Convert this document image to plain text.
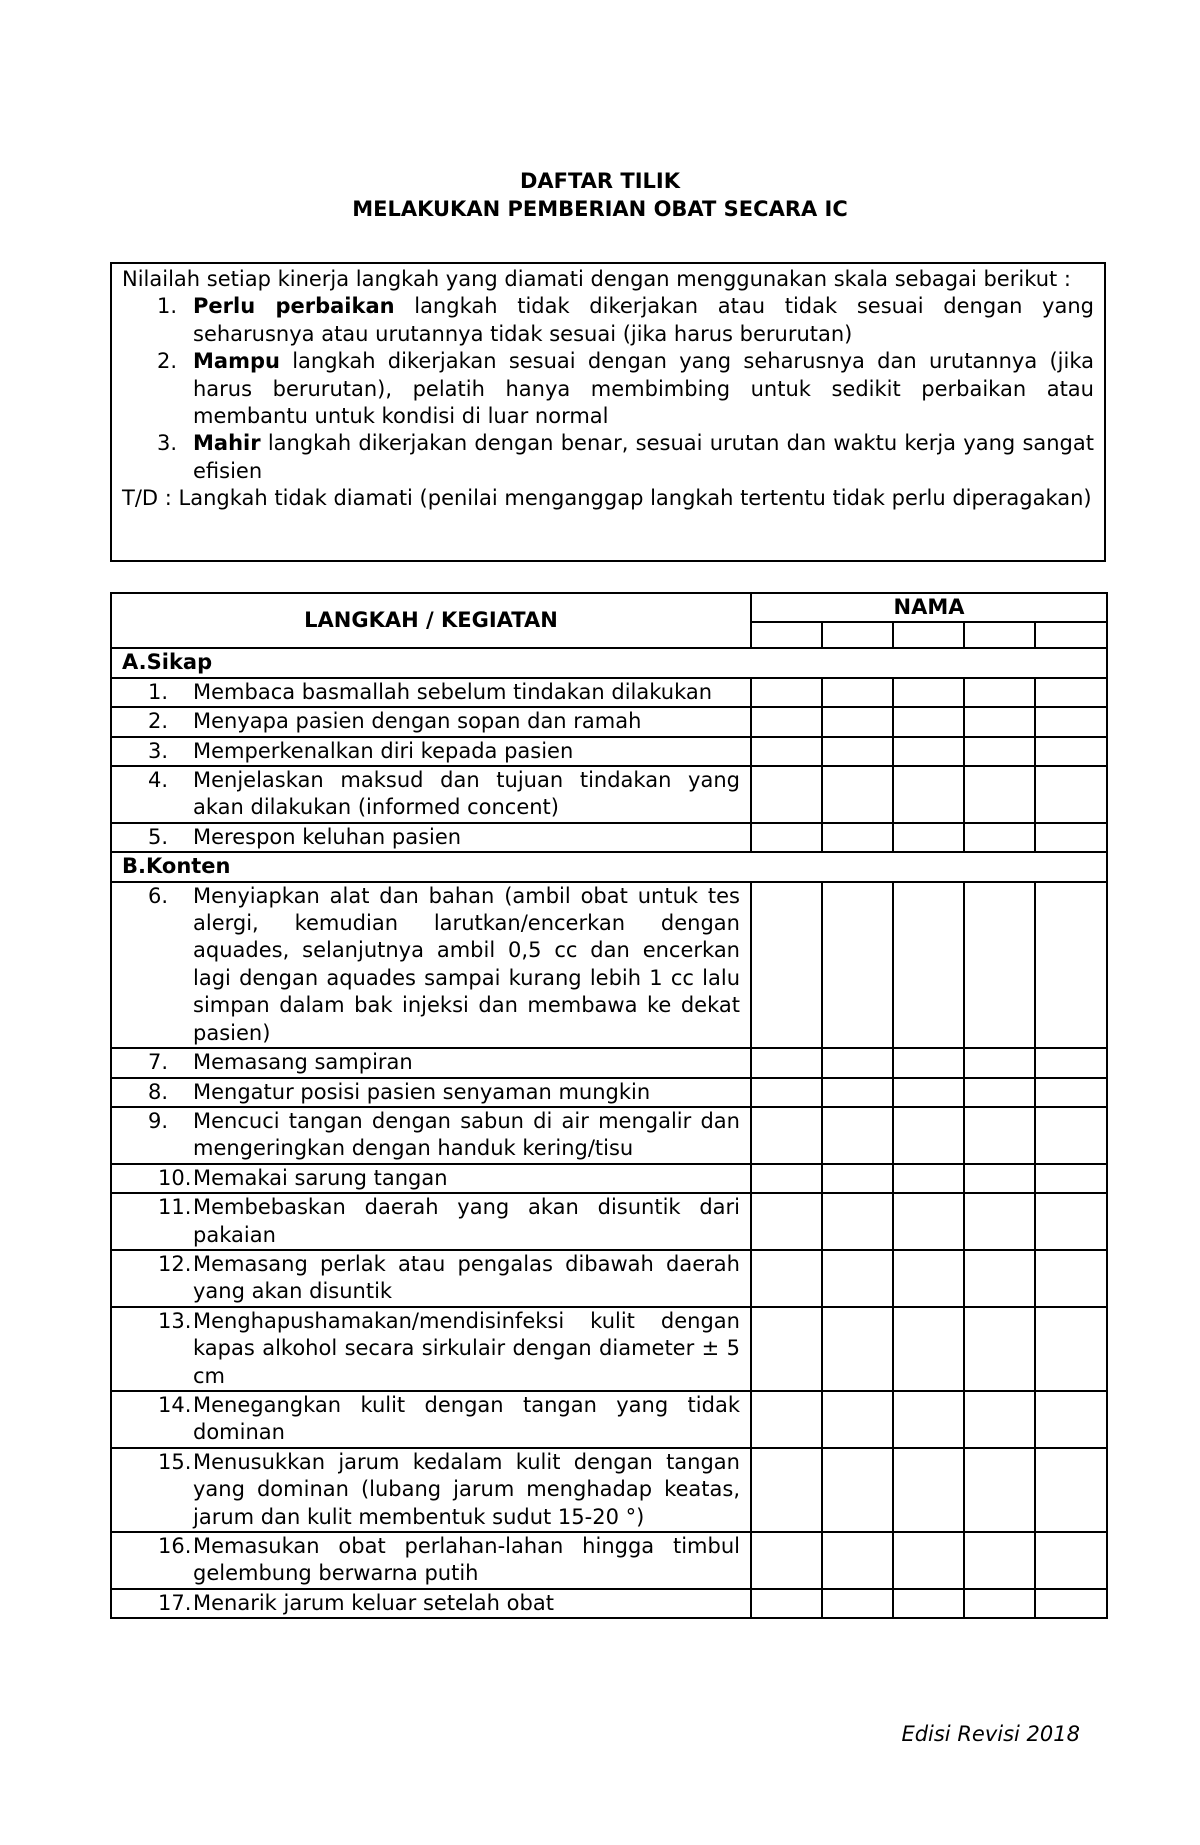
DAFTAR TILIK
MELAKUKAN PEMBERIAN OBAT SECARA IC

Nilailah setiap kinerja langkah yang diamati dengan menggunakan skala sebagai berikut :

1. Perlu perbaikan langkah tidak dikerjakan atau tidak sesuai dengan yang seharusnya atau urutannya tidak sesuai (jika harus berurutan)
2. Mampu langkah dikerjakan sesuai dengan yang seharusnya dan urutannya (jika harus berurutan), pelatih hanya membimbing untuk sedikit perbaikan atau membantu untuk kondisi di luar normal
3. Mahir langkah dikerjakan dengan benar, sesuai urutan dan waktu kerja yang sangat efisien

T/D : Langkah tidak diamati (penilai menganggap langkah tertentu tidak perlu diperagakan)

LANGKAH / KEGIATAN	NAMA				

A.Sikap					

1. Membaca basmallah sebelum tindakan dilakukan					

2. Menyapa pasien dengan sopan dan ramah					

3. Memperkenalkan diri kepada pasien					

4. Menjelaskan maksud dan tujuan tindakan yang akan dilakukan (informed concent)					

5. Merespon keluhan pasien					

B.Konten					

6. Menyiapkan alat dan bahan (ambil obat untuk tes alergi, kemudian larutkan/encerkan dengan aquades, selanjutnya ambil 0,5 cc dan encerkan lagi dengan aquades sampai kurang lebih 1 cc lalu simpan dalam bak injeksi dan membawa ke dekat pasien)					

7. Memasang sampiran					

8. Mengatur posisi pasien senyaman mungkin					

9. Mencuci tangan dengan sabun di air mengalir dan mengeringkan dengan handuk kering/tisu					

10. Memakai sarung tangan					

11. Membebaskan daerah yang akan disuntik dari pakaian					

12. Memasang perlak atau pengalas dibawah daerah yang akan disuntik					

13. Menghapushamakan/mendisinfeksi kulit dengan kapas alkohol secara sirkulair dengan diameter ± 5 cm					

14. Menegangkan kulit dengan tangan yang tidak dominan					

15. Menusukkan jarum kedalam kulit dengan tangan yang dominan (lubang jarum menghadap keatas, jarum dan kulit membentuk sudut 15-20 °)					

16. Memasukan obat perlahan-lahan hingga timbul gelembung berwarna putih					

17. Menarik jarum keluar setelah obat					

Edisi Revisi 2018
